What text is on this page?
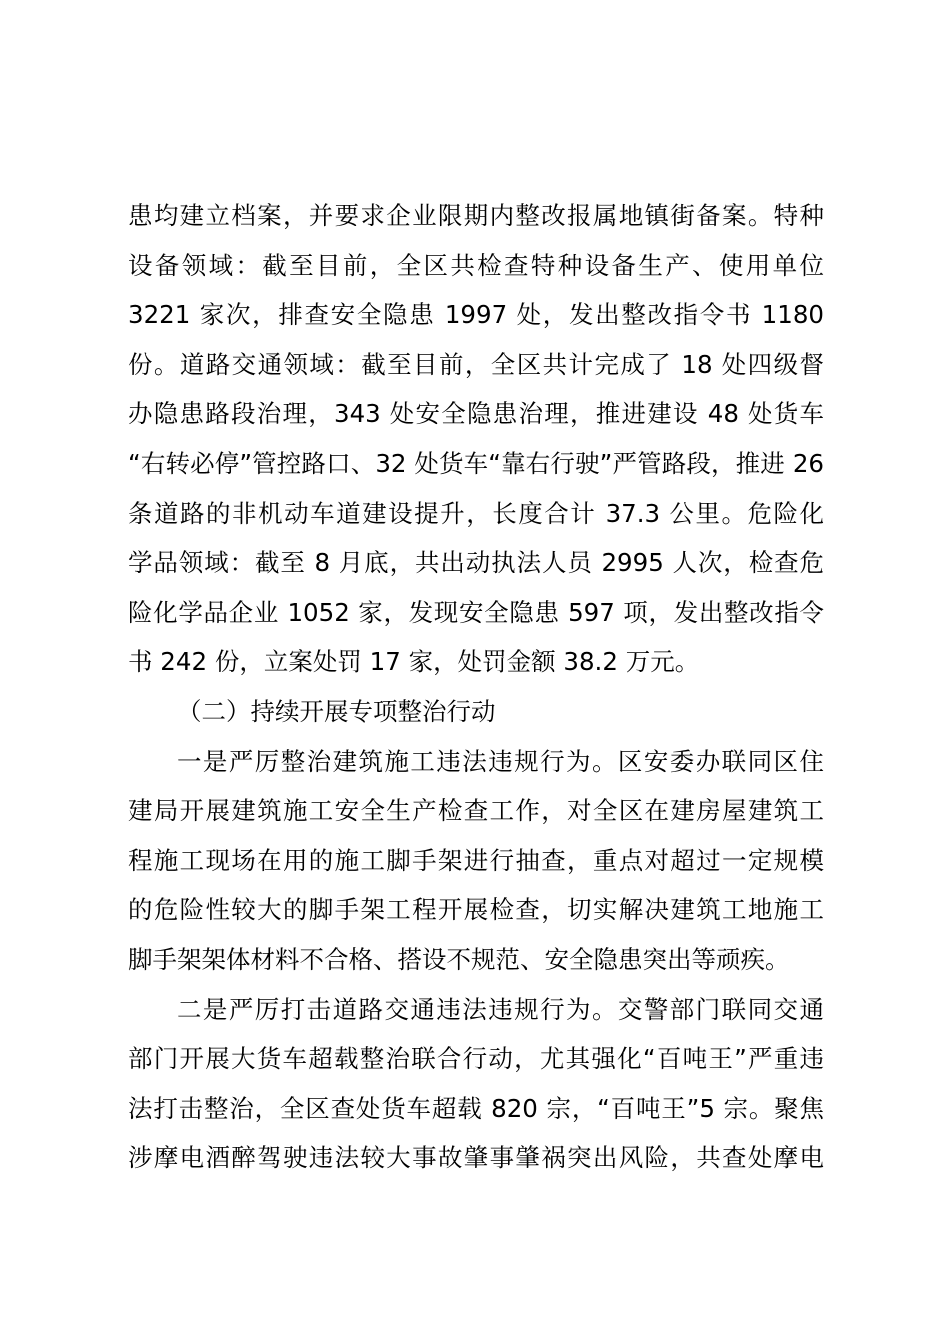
患均建立档案，并要求企业限期内整改报属地镇街备案。特种
设备领域：截至目前，全区共检查特种设备生产、使用单位
3221 家次，排查安全隐患 1997 处，发出整改指令书 1180
份。道路交通领域：截至目前，全区共计完成了 18 处四级督
办隐患路段治理，343 处安全隐患治理，推进建设 48 处货车
“右转必停”管控路口、32 处货车“靠右行驶”严管路段，推进 26
条道路的非机动车道建设提升，长度合计 37.3 公里。危险化
学品领域：截至 8 月底，共出动执法人员 2995 人次，检查危
险化学品企业 1052 家，发现安全隐患 597 项，发出整改指令
书 242 份，立案处罚 17 家，处罚金额 38.2 万元。
（二）持续开展专项整治行动
一是严厉整治建筑施工违法违规行为。区安委办联同区住
建局开展建筑施工安全生产检查工作，对全区在建房屋建筑工
程施工现场在用的施工脚手架进行抽查，重点对超过一定规模
的危险性较大的脚手架工程开展检查，切实解决建筑工地施工
脚手架架体材料不合格、搭设不规范、安全隐患突出等顽疾。
二是严厉打击道路交通违法违规行为。交警部门联同交通
部门开展大货车超载整治联合行动，尤其强化“百吨王”严重违
法打击整治，全区查处货车超载 820 宗，“百吨王”5 宗。聚焦
涉摩电酒醉驾驶违法较大事故肇事肇祸突出风险，共查处摩电
